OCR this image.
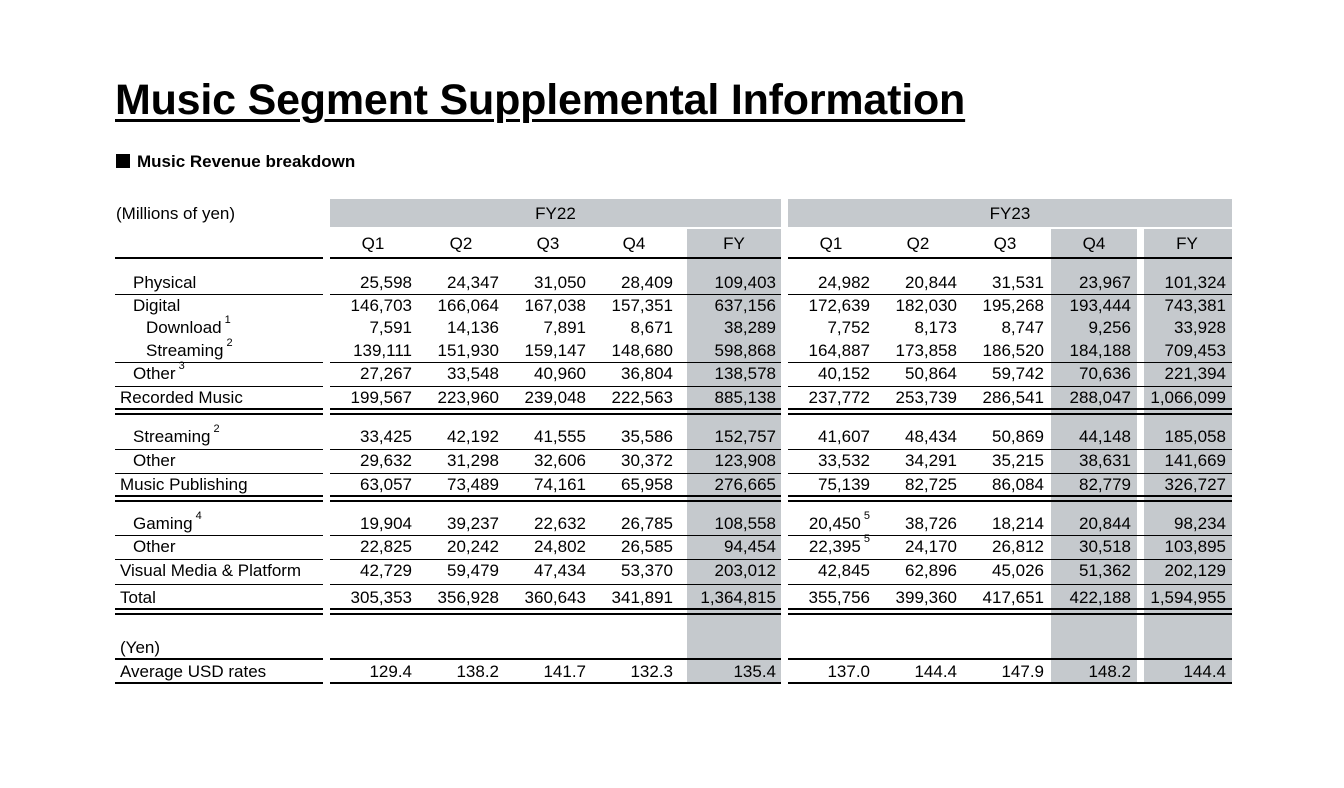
Music Segment Supplemental Information
Music Revenue breakdown
(Millions of yen)	FY22	FY23
Q1	Q2	Q3	Q4	FY	Q1	Q2	Q3	Q4	FY
Physical	25,598	24,347	31,050	28,409	109,403	24,982	20,844	31,531	23,967	101,324
Digital	146,703	166,064	167,038	157,351	637,156	172,639	182,030	195,268	193,444	743,381
Download $^1$	7,591	14,136	7,891	8,671	38,289	7,752	8,173	8,747	9,256	33,928
Streaming $^2$	139,111	151,930	159,147	148,680	598,868	164,887	173,858	186,520	184,188	709,453
Other $^3$	27,267	33,548	40,960	36,804	138,578	40,152	50,864	59,742	70,636	221,394
Recorded Music	199,567	223,960	239,048	222,563	885,138	237,772	253,739	286,541	288,047	1,066,099
Streaming $^2$	33,425	42,192	41,555	35,586	152,757	41,607	48,434	50,869	44,148	185,058
Other	29,632	31,298	32,606	30,372	123,908	33,532	34,291	35,215	38,631	141,669
Music Publishing	63,057	73,489	74,161	65,958	276,665	75,139	82,725	86,084	82,779	326,727
Gaming $^4$	19,904	39,237	22,632	26,785	108,558	20,450 $^5$	38,726	18,214	20,844	98,234
Other	22,825	20,242	24,802	26,585	94,454	22,395 $^5$	24,170	26,812	30,518	103,895
Visual Media & Platform	42,729	59,479	47,434	53,370	203,012	42,845	62,896	45,026	51,362	202,129
Total	305,353	356,928	360,643	341,891	1,364,815	355,756	399,360	417,651	422,188	1,594,955
(Yen)
Average USD rates	129.4	138.2	141.7	132.3	135.4	137.0	144.4	147.9	148.2	144.4
